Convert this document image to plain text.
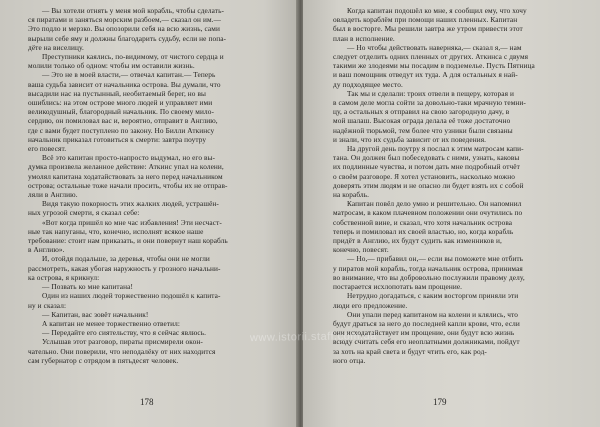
— Вы хотели отнять у меня мой корабль, чтобы сделать-

ся пиратами и заняться морским разбоем,— сказал он им.—

Это подло и мерзко. Вы опозорили себя на всю жизнь, сами

вырыли себе яму и должны благодарить судьбу, если не попа-

дёте на виселицу.

Преступники каялись, по-видимому, от чистого сердца и

молили только об одном: чтобы им оставили жизнь.

— Это не в моей власти,— отвечал капитан.— Теперь

ваша судьба зависит от начальника острова. Вы думали, что

высадили нас на пустынный, необитаемый берег, но вы

ошиблись: на этом острове много людей и управляет ими

великодушный, благородный начальник. По своему мило-

сердию, он помиловал вас и, вероятно, отправит в Англию,

где с вами будет поступлено по закону. Но Билли Аткинсу

начальник приказал готовиться к смерти: завтра поутру

его повесят.

Всё это капитан просто-напросто выдумал, но его вы-

думка произвела желанное действие: Аткинс упал на колени,

умолял капитана ходатайствовать за него перед начальником

острова; остальные тоже начали просить, чтобы их не отправ-

ляли в Англию.

Видя такую покорность этих жалких людей, устрашён-

ных угрозой смерти, я сказал себе:

«Вот когда пришёл ко мне час избавления! Эти несчаст-

ные так напуганы, что, конечно, исполнят всякое наше

требование: стоит нам приказать, и они повернут наш корабль

в Англию».

И, отойдя подальше, за деревья, чтобы они не могли

рассмотреть, какая убогая наружность у грозного начальни-

ка острова, я крикнул:

— Позвать ко мне капитана!

Один из наших людей торжественно подошёл к капита-

ну и сказал:

— Капитан, вас зовёт начальник!

А капитан не менее торжественно ответил:

— Передайте его сиятельству, что я сейчас явлюсь.

Услышав этот разговор, пираты присмирели окон-

чательно. Они поверили, что неподалёку от них находится

сам губернатор с отрядом в пятьдесят человек.

178

Когда капитан подошёл ко мне, я сообщил ему, что хочу

овладеть кораблём при помощи наших пленных. Капитан

был в восторге. Мы решили завтра же утром привести этот

план в исполнение.

— Но чтобы действовать наверняка,— сказал я,— нам

следует отделить одних пленных от других. Аткинса с двумя

такими же злодеями мы посадим в подземелье. Пусть Пятница

и ваш помощник отведут их туда. А для остальных я най-

ду подходящее место.

Так мы и сделали: троих отвели в пещеру, которая и

в самом деле могла сойти за довольно-таки мрачную темни-

цу, а остальных я отправил на свою загородную дачу, в

мой шалаш. Высокая ограда делала её тоже достаточно

надёжной тюрьмой, тем более что узники были связаны

и знали, что их судьба зависит от их поведения.

На другой день поутру я послал к этим матросам капи-

тана. Он должен был побеседовать с ними, узнать, каковы

их подлинные чувства, и потом дать мне подробный отчёт

о своём разговоре. Я хотел установить, насколько можно

доверять этим людям и не опасно ли будет взять их с собой

на корабль.

Капитан повёл дело умно и решительно. Он напомнил

матросам, в каком плачевном положении они очутились по

собственной вине, и сказал, что хотя начальник острова

теперь и помиловал их своей властью, но, когда корабль

придёт в Англию, их будут судить как изменников и,

конечно, повесят.

— Но,— прибавил он,— если вы поможете мне отбить

у пиратов мой корабль, тогда начальник острова, принимая

во внимание, что вы добровольно послужили правому делу,

постарается исхлопотать вам прощение.

Нетрудно догадаться, с каким восторгом приняли эти

люди его предложение.

Они упали перед капитаном на колени и клялись, что

будут драться за него до последней капли крови, что, если

они исходатайствует им прощение, они будут всю жизнь

всюду считать себя его неоплатными должниками, пойдут

за хоть на край света и будут чтить его, как род-

ного отца.

179
www.istorii.staff.com.ua
